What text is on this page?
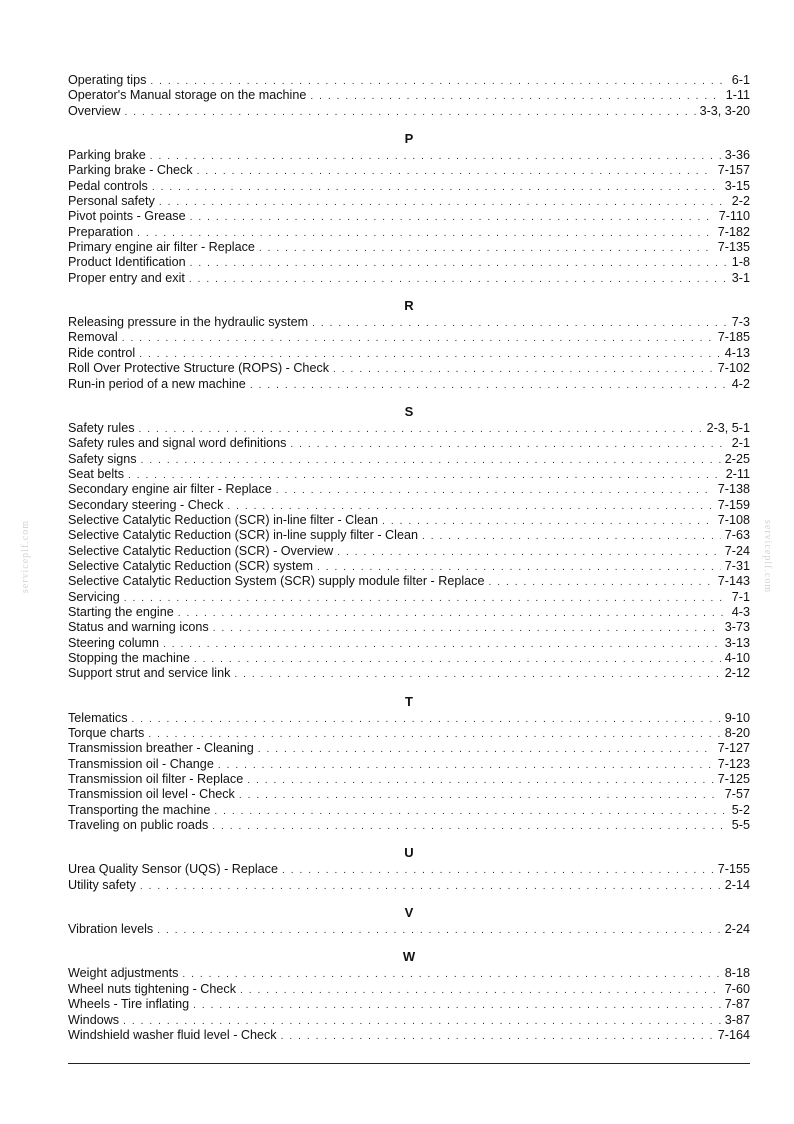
Operating tips . . .	6-1
Operator's Manual storage on the machine . . .	1-11
Overview . . .	3-3, 3-20
P
Parking brake . . .	3-36
Parking brake - Check . . .	7-157
Pedal controls . . .	3-15
Personal safety . . .	2-2
Pivot points - Grease . . .	7-110
Preparation . . .	7-182
Primary engine air filter - Replace . . .	7-135
Product Identification . . .	1-8
Proper entry and exit . . .	3-1
R
Releasing pressure in the hydraulic system . . .	7-3
Removal . . .	7-185
Ride control . . .	4-13
Roll Over Protective Structure (ROPS) - Check . . .	7-102
Run-in period of a new machine . . .	4-2
S
Safety rules . . .	2-3, 5-1
Safety rules and signal word definitions . . .	2-1
Safety signs . . .	2-25
Seat belts . . .	2-11
Secondary engine air filter - Replace . . .	7-138
Secondary steering - Check . . .	7-159
Selective Catalytic Reduction (SCR) in-line filter - Clean . . .	7-108
Selective Catalytic Reduction (SCR) in-line supply filter - Clean . . .	7-63
Selective Catalytic Reduction (SCR) - Overview . . .	7-24
Selective Catalytic Reduction (SCR) system . . .	7-31
Selective Catalytic Reduction System (SCR) supply module filter - Replace . . .	7-143
Servicing . . .	7-1
Starting the engine . . .	4-3
Status and warning icons . . .	3-73
Steering column . . .	3-13
Stopping the machine . . .	4-10
Support strut and service link . . .	2-12
T
Telematics . . .	9-10
Torque charts . . .	8-20
Transmission breather - Cleaning . . .	7-127
Transmission oil - Change . . .	7-123
Transmission oil filter - Replace . . .	7-125
Transmission oil level - Check . . .	7-57
Transporting the machine . . .	5-2
Traveling on public roads . . .	5-5
U
Urea Quality Sensor (UQS) - Replace . . .	7-155
Utility safety . . .	2-14
V
Vibration levels . . .	2-24
W
Weight adjustments . . .	8-18
Wheel nuts tightening - Check . . .	7-60
Wheels - Tire inflating . . .	7-87
Windows . . .	3-87
Windshield washer fluid level - Check . . .	7-164
serviceplf.com	serviceplf.com
